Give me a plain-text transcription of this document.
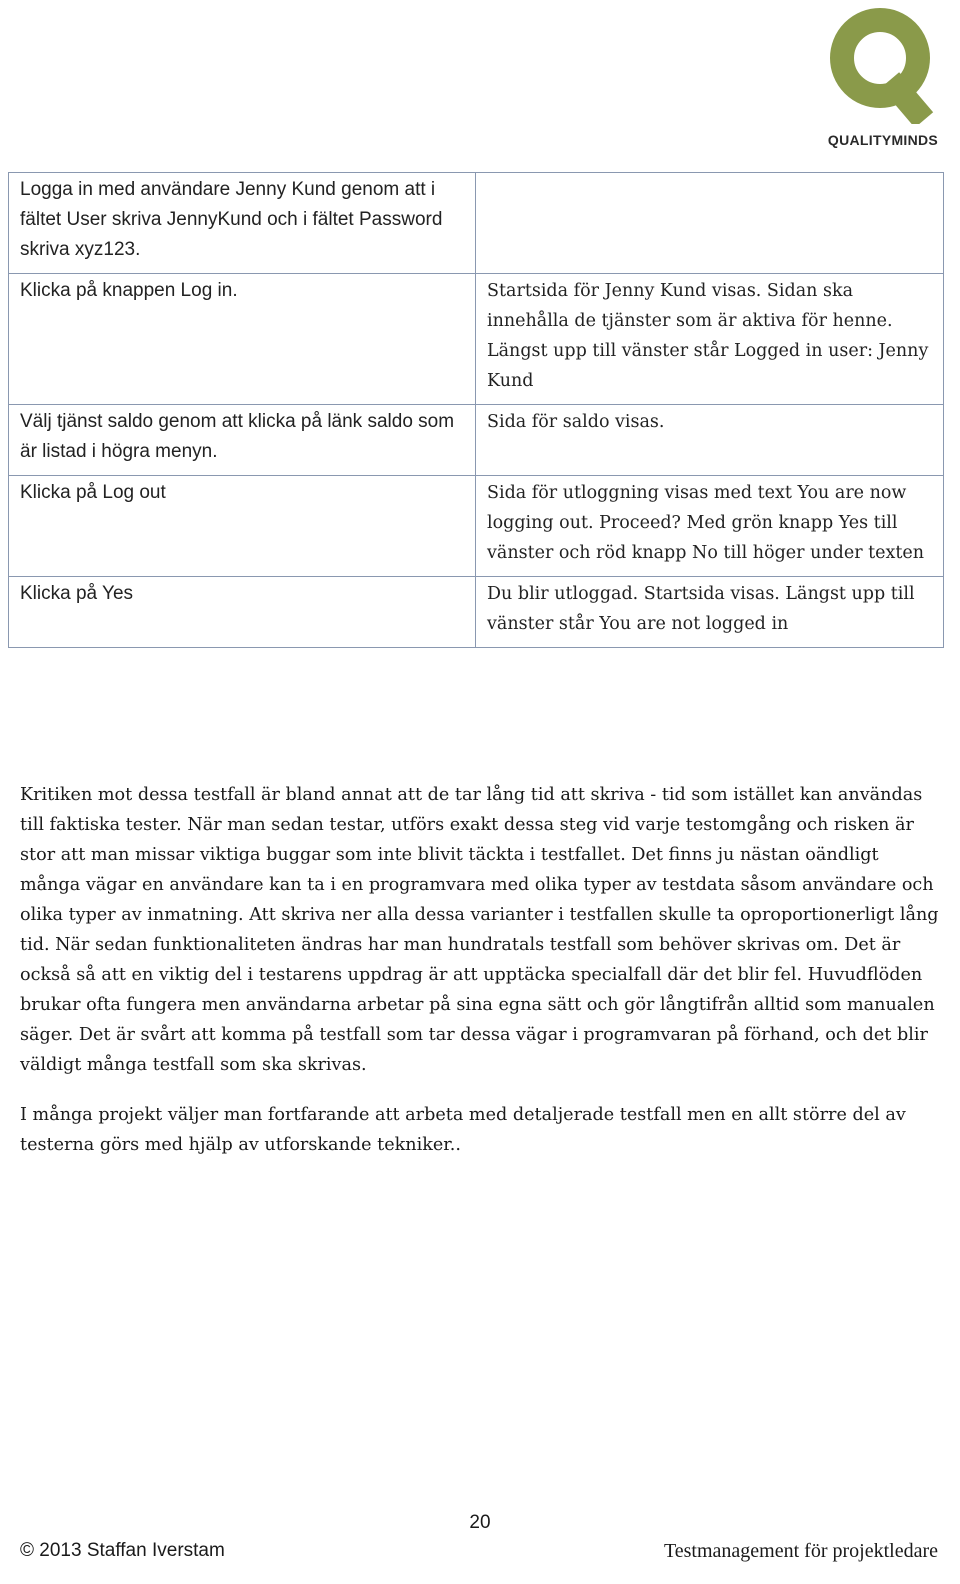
QUALITYMINDS
Logga in med användare Jenny Kund genom att i fältet User skriva JennyKund och i fältet Password skriva xyz123.	
Klicka på knappen Log in.	Startsida för Jenny Kund visas. Sidan ska innehålla de tjänster som är aktiva för henne. Längst upp till vänster står Logged in user: Jenny Kund
Välj tjänst saldo genom att klicka på länk saldo som är listad i högra menyn.	Sida för saldo visas.
Klicka på Log out	Sida för utloggning visas med text You are now logging out. Proceed? Med grön knapp Yes till vänster och röd knapp No till höger under texten
Klicka på Yes	Du blir utloggad. Startsida visas. Längst upp till vänster står You are not logged in

Kritiken mot dessa testfall är bland annat att de tar lång tid att skriva - tid som istället kan användas till faktiska tester. När man sedan testar, utförs exakt dessa steg vid varje testomgång och risken är stor att man missar viktiga buggar som inte blivit täckta i testfallet. Det finns ju nästan oändligt många vägar en användare kan ta i en programvara med olika typer av testdata såsom användare och olika typer av inmatning. Att skriva ner alla dessa varianter i testfallen skulle ta oproportionerligt lång tid. När sedan funktionaliteten ändras har man hundratals testfall som behöver skrivas om. Det är också så att en viktig del i testarens uppdrag är att upptäcka specialfall där det blir fel. Huvudflöden brukar ofta fungera men användarna arbetar på sina egna sätt och gör långtifrån alltid som manualen säger. Det är svårt att komma på testfall som tar dessa vägar i programvaran på förhand, och det blir väldigt många testfall som ska skrivas.

I många projekt väljer man fortfarande att arbeta med detaljerade testfall men en allt större del av testerna görs med hjälp av utforskande tekniker..

20
© 2013 Staffan Iverstam	Testmanagement för projektledare
